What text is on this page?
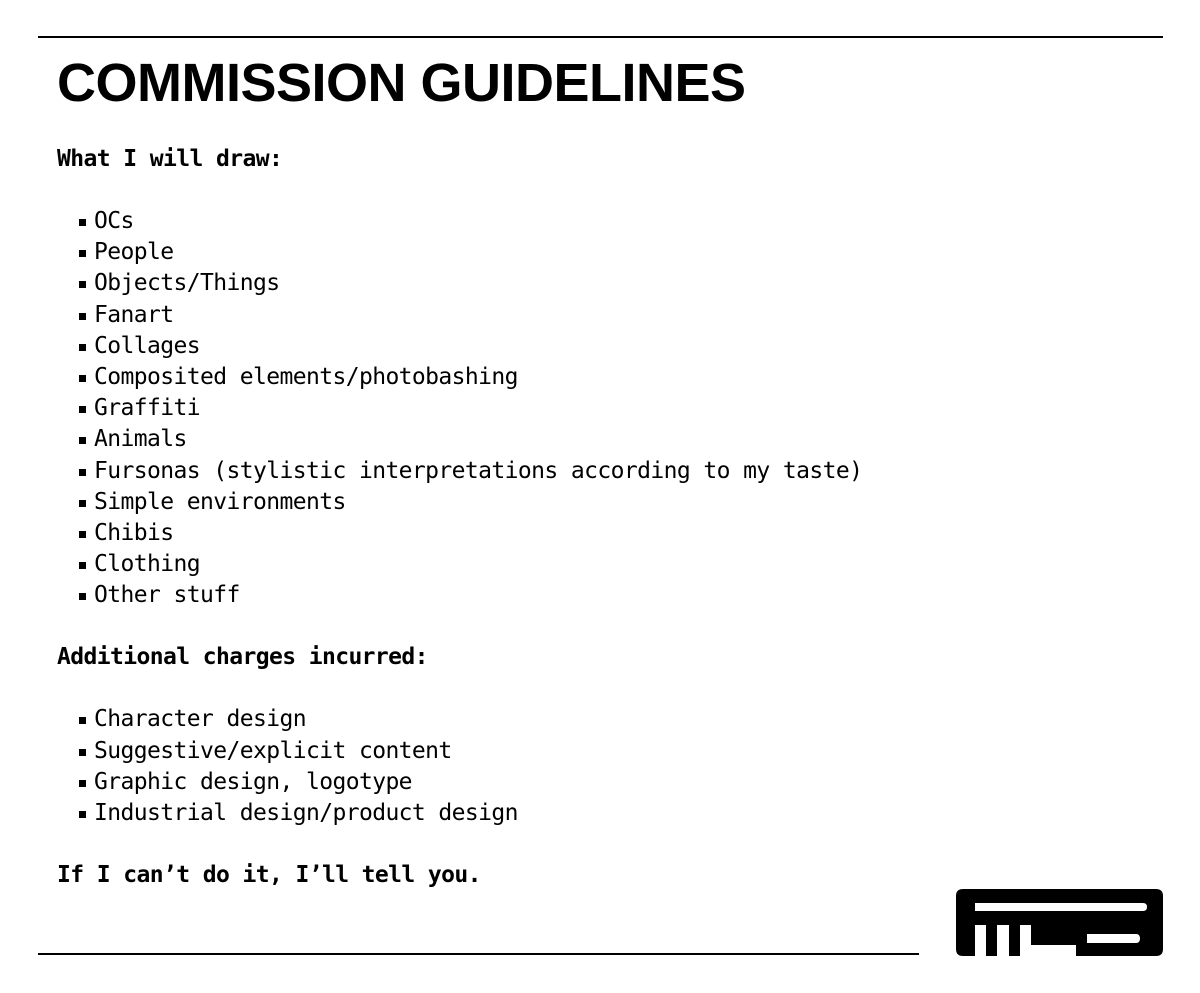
COMMISSION GUIDELINES

What I will draw:

OCs
People
Objects/Things
Fanart
Collages
Composited elements/photobashing
Graffiti
Animals
Fursonas (stylistic interpretations according to my taste)
Simple environments
Chibis
Clothing
Other stuff

Additional charges incurred:

Character design
Suggestive/explicit content
Graphic design, logotype
Industrial design/product design

If I can’t do it, I’ll tell you.
